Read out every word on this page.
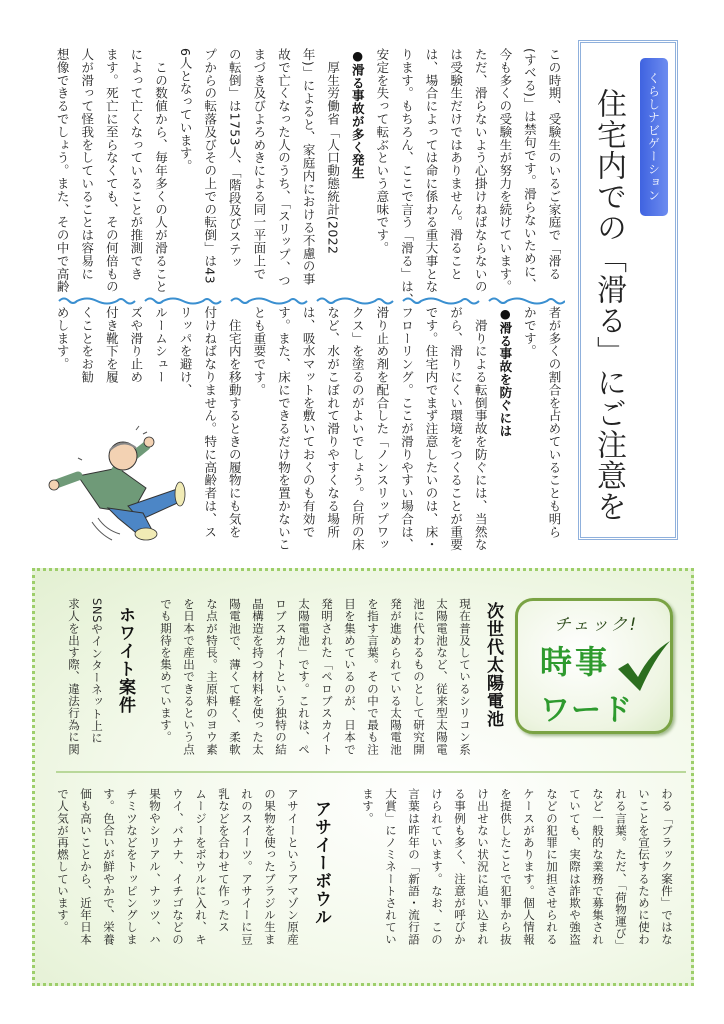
くらしナビゲーション
住宅内での「滑る」にご注意を
この時期、受験生のいるご家庭で「滑る
(すべる)」は禁句です。滑らないために、
今も多くの受験生が努力を続けています。
ただ、滑らないよう心掛けねばならないの
は受験生だけではありません。滑ること
は、場合によっては命に係わる重大事とな
ります。もちろん、ここで言う「滑る」は、
安定を失って転ぶという意味です。
●滑る事故が多く発生
　厚生労働省「人口動態統計(2022
年)」によると、家庭内における不慮の事
故で亡くなった人のうち、「スリップ、つ
まづき及びよろめきによる同一平面上で
の転倒」は1753人、「階段及びステッ
プからの転落及びその上での転倒」は43
6人となっています。
　この数値から、毎年多くの人が滑ること
によって亡くなっていることが推測でき
ます。死亡に至らなくても、その何倍もの
人が滑って怪我をしていることは容易に
想像できるでしょう。また、その中で高齢
者が多くの割合を占めていることも明ら
かです。
●滑る事故を防ぐには
　滑りによる転倒事故を防ぐには、当然な
がら、滑りにくい環境をつくることが重要
です。住宅内でまず注意したいのは、床・
フローリング。ここが滑りやすい場合は、
滑り止め剤を配合した「ノンスリップワッ
クス」を塗るのがよいでしょう。台所の床
など、水がこぼれて滑りやすくなる場所
は、吸水マットを敷いておくのも有効で
す。また、床にできるだけ物を置かないこ
とも重要です。
　住宅内を移動するときの履物にも気を
付けねばなりません。特に高齢者は、ス
リッパを避け、
ルームシュー
ズや滑り止め
付き靴下を履
くことをお勧
めします。
チェック!
時事
ワード
次世代太陽電池
現在普及しているシリコン系
太陽電池など、従来型太陽電
池に代わるものとして研究開
発が進められている太陽電池
を指す言葉。その中で最も注
目を集めているのが、日本で
発明された「ペロブスカイト
太陽電池」です。これは、ペ
ロブスカイトという独特の結
晶構造を持つ材料を使った太
陽電池で、薄くて軽く、柔軟
な点が特長。主原料のヨウ素
を日本で産出できるという点
でも期待を集めています。
ホワイト案件
SNSやインターネット上に
求人を出す際、違法行為に関
わる「ブラック案件」ではな
いことを宣伝するために使わ
れる言葉。ただ、「荷物運び」
など一般的な業務で募集され
ていても、実際は詐欺や強盗
などの犯罪に加担させられる
ケースがあります。個人情報
を提供したことで犯罪から抜
け出せない状況に追い込まれ
る事例も多く、注意が呼びか
けられています。なお、この
言葉は昨年の「新語・流行語
大賞」にノミネートされてい
ます。
アサイーボウル
アサイーというアマゾン原産
の果物を使ったブラジル生ま
れのスイーツ。アサイーに豆
乳などを合わせて作ったス
ムージーをボウルに入れ、キ
ウイ、バナナ、イチゴなどの
果物やシリアル、ナッツ、ハ
チミツなどをトッピングしま
す。色合いが鮮やかで、栄養
価も高いことから、近年日本
で人気が再燃しています。
